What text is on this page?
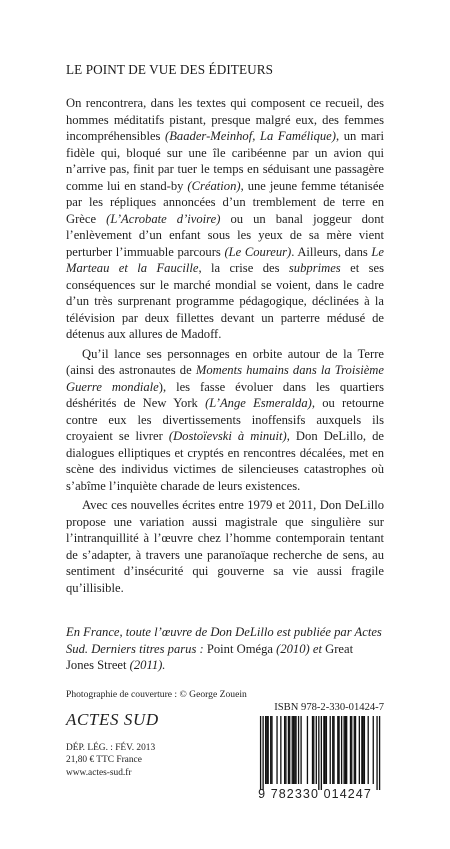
LE POINT DE VUE DES ÉDITEURS

On rencontrera, dans les textes qui composent ce recueil, des hommes méditatifs pistant, presque malgré eux, des femmes incompréhensibles (Baader-Meinhof, La Famélique), un mari fidèle qui, bloqué sur une île caribéenne par un avion qui n’arrive pas, finit par tuer le temps en séduisant une passagère comme lui en stand-by (Création), une jeune femme tétanisée par les répliques annoncées d’un tremblement de terre en Grèce (L’Acrobate d’ivoire) ou un banal joggeur dont l’enlèvement d’un enfant sous les yeux de sa mère vient perturber l’immuable parcours (Le Coureur). Ailleurs, dans Le Marteau et la Faucille, la crise des subprimes et ses conséquences sur le marché mondial se voient, dans le cadre d’un très surprenant programme pédagogique, déclinées à la télévision par deux fillettes devant un parterre médusé de détenus aux allures de Madoff.

Qu’il lance ses personnages en orbite autour de la Terre (ainsi des astronautes de Moments humains dans la Troisième Guerre mondiale), les fasse évoluer dans les quartiers déshérités de New York (L’Ange Esmeralda), ou retourne contre eux les divertissements inoffensifs auxquels ils croyaient se livrer (Dostoïevski à minuit), Don DeLillo, de dialogues elliptiques et cryptés en rencontres décalées, met en scène des individus victimes de silencieuses catastrophes où s’abîme l’inquiète charade de leurs existences.

Avec ces nouvelles écrites entre 1979 et 2011, Don DeLillo propose une variation aussi magistrale que singulière sur l’intranquillité à l’œuvre chez l’homme contemporain tentant de s’adapter, à travers une paranoïaque recherche de sens, au sentiment d’insécurité qui gouverne sa vie aussi fragile qu’illisible.

En France, toute l’œuvre de Don DeLillo est publiée par Actes Sud. Derniers titres parus : Point Oméga (2010) et Great Jones Street (2011).
Photographie de couverture : © George Zouein
ISBN 978-2-330-01424-7
ACTES SUD
DÉP. LÉG. : FÉV. 2013
21,80 € TTC France
www.actes-sud.fr
9 782330 014247
